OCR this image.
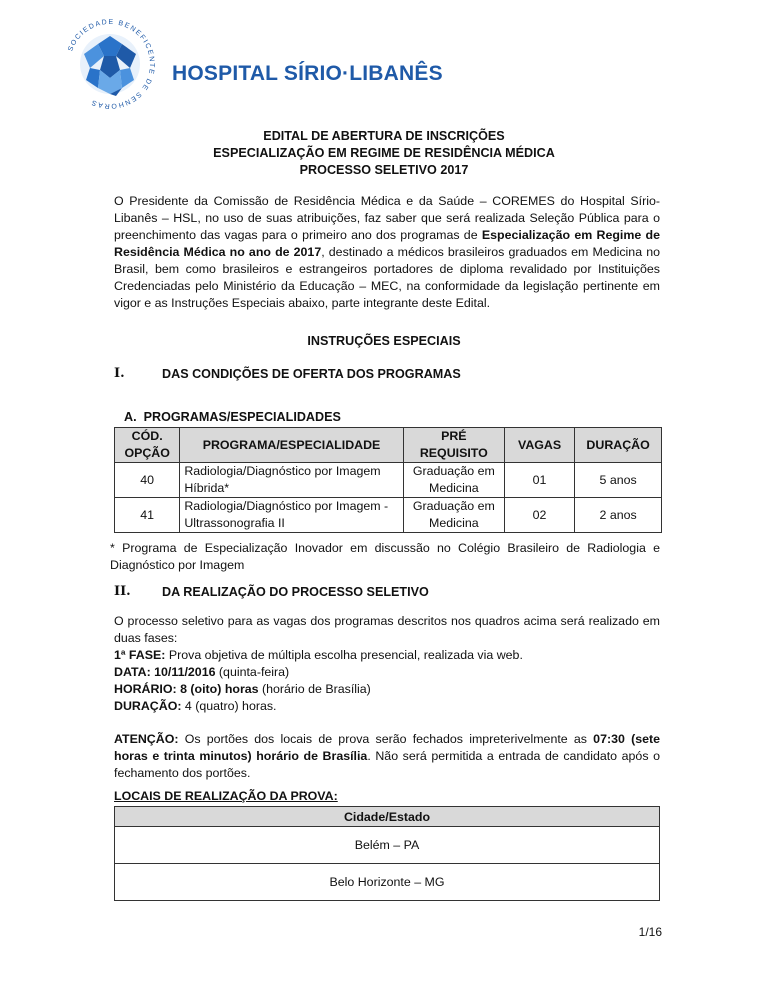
SOCIEDADE BENEFICENTE DE SENHORAS
HOSPITAL SÍRIO·LIBANÊS
EDITAL DE ABERTURA DE INSCRIÇÕES
ESPECIALIZAÇÃO EM REGIME DE RESIDÊNCIA MÉDICA
PROCESSO SELETIVO 2017
O Presidente da Comissão de Residência Médica e da Saúde – COREMES do Hospital Sírio-Libanês – HSL, no uso de suas atribuições, faz saber que será realizada Seleção Pública para o preenchimento das vagas para o primeiro ano dos programas de Especialização em Regime de Residência Médica no ano de 2017, destinado a médicos brasileiros graduados em Medicina no Brasil, bem como brasileiros e estrangeiros portadores de diploma revalidado por Instituições Credenciadas pelo Ministério da Educação – MEC, na conformidade da legislação pertinente em vigor e as Instruções Especiais abaixo, parte integrante deste Edital.
INSTRUÇÕES ESPECIAIS
I.	DAS CONDIÇÕES DE OFERTA DOS PROGRAMAS
A.  PROGRAMAS/ESPECIALIDADES
CÓD. OPÇÃO	PROGRAMA/ESPECIALIDADE	PRÉ REQUISITO	VAGAS	DURAÇÃO
40	Radiologia/Diagnóstico por Imagem Híbrida*	Graduação em Medicina	01	5 anos
41	Radiologia/Diagnóstico por Imagem - Ultrassonografia II	Graduação em Medicina	02	2 anos
* Programa de Especialização Inovador em discussão no Colégio Brasileiro de Radiologia e Diagnóstico por Imagem
II. DA REALIZAÇÃO DO PROCESSO SELETIVO
O processo seletivo para as vagas dos programas descritos nos quadros acima será realizado em duas fases:
1ª FASE: Prova objetiva de múltipla escolha presencial, realizada via web.
DATA: 10/11/2016 (quinta-feira)
HORÁRIO: 8 (oito) horas (horário de Brasília)
DURAÇÃO: 4 (quatro) horas.
ATENÇÃO: Os portões dos locais de prova serão fechados impreterivelmente as 07:30 (sete horas e trinta minutos) horário de Brasília. Não será permitida a entrada de candidato após o fechamento dos portões.
LOCAIS DE REALIZAÇÃO DA PROVA:
Cidade/Estado
Belém – PA
Belo Horizonte – MG
1/16
